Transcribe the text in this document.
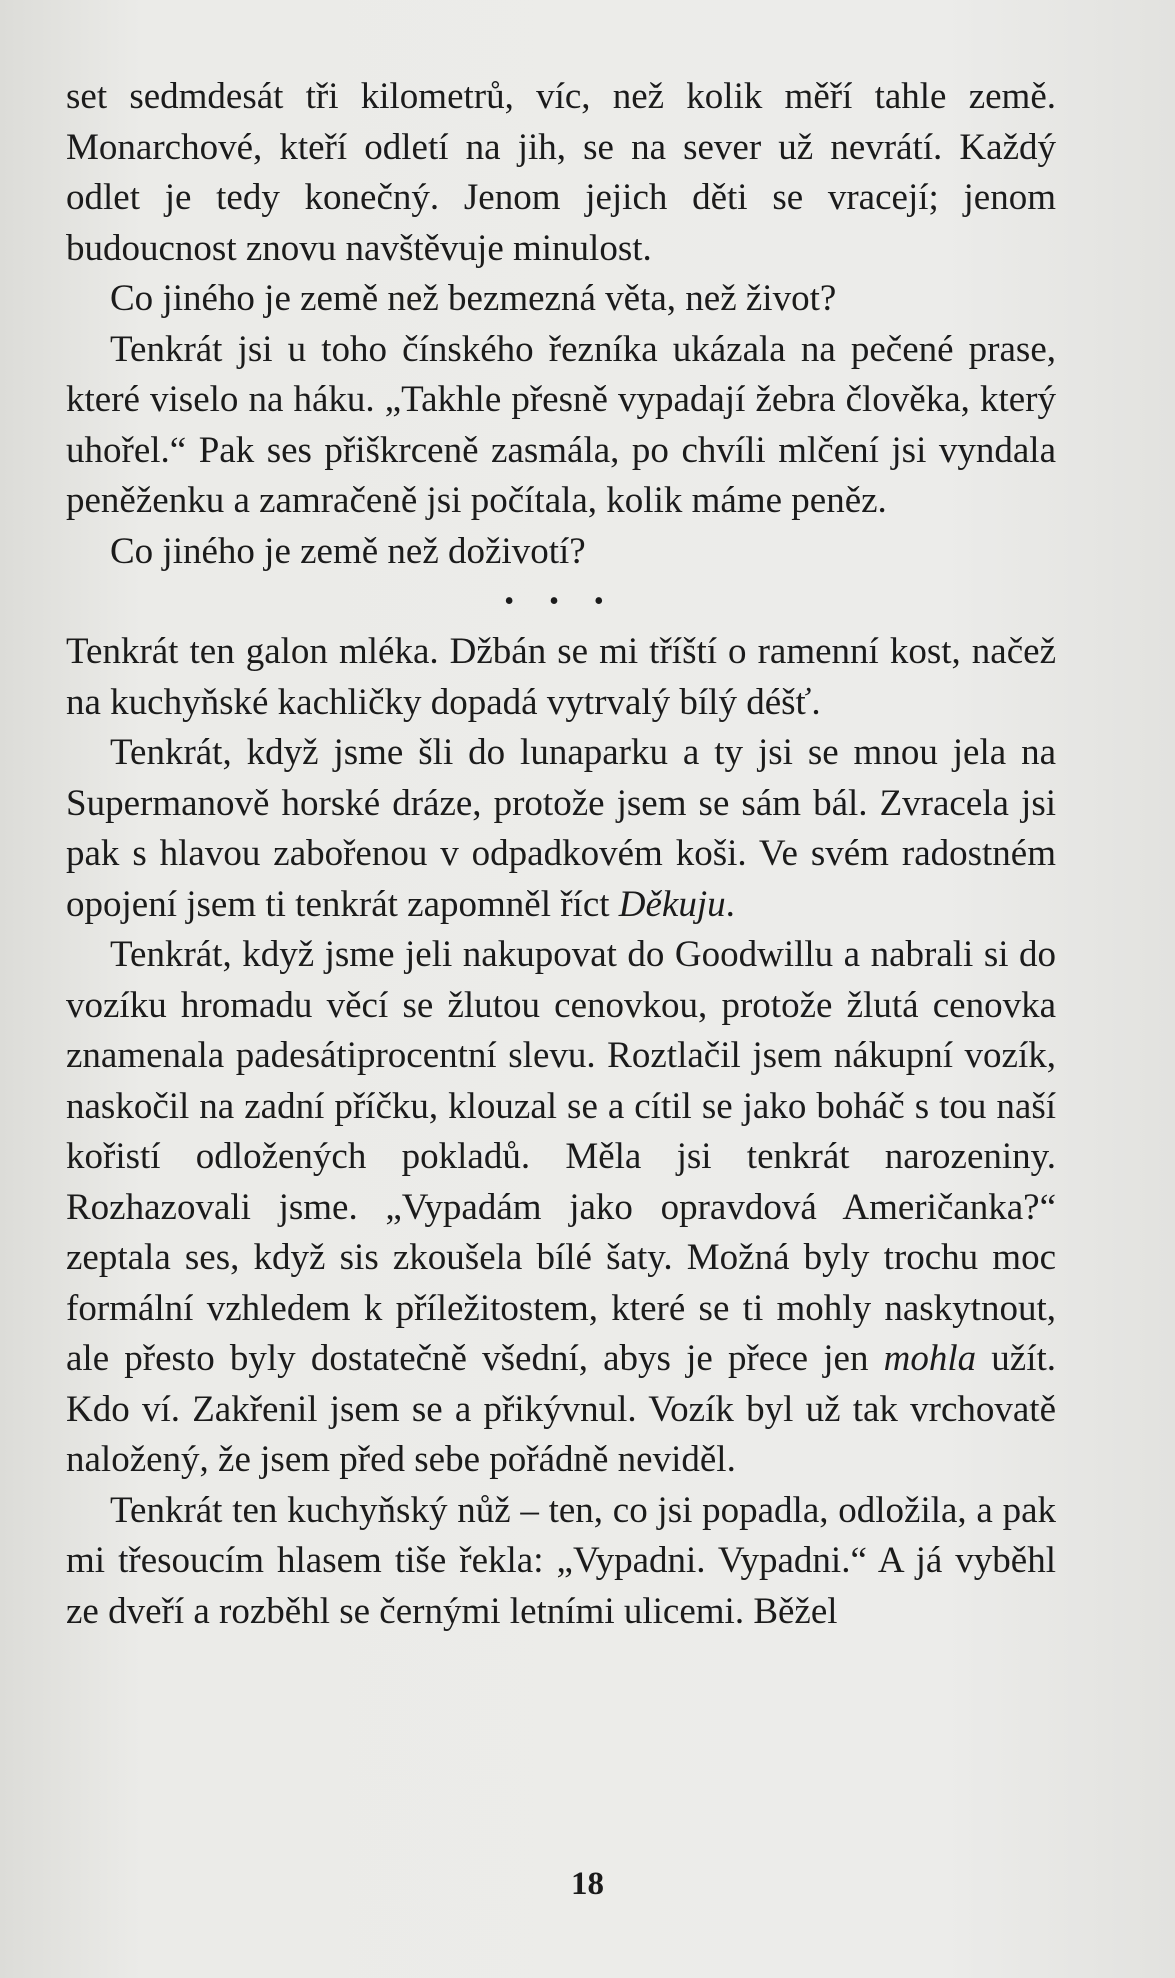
set sedmdesát tři kilometrů, víc, než kolik měří tahle země. Monarchové, kteří odletí na jih, se na sever už nevrátí. Každý odlet je tedy konečný. Jenom jejich děti se vracejí; jenom budoucnost znovu navštěvuje minulost.

Co jiného je země než bezmezná věta, než život?

Tenkrát jsi u toho čínského řezníka ukázala na pečené prase, které viselo na háku. „Takhle přesně vypadají žebra člověka, který uhořel.“ Pak ses přiškrceně zasmála, po chvíli mlčení jsi vyndala peněženku a zamračeně jsi počítala, kolik máme peněz.

Co jiného je země než doživotí?

• • •

Tenkrát ten galon mléka. Džbán se mi tříští o ramenní kost, načež na kuchyňské kachličky dopadá vytrvalý bílý déšť.

Tenkrát, když jsme šli do lunaparku a ty jsi se mnou jela na Supermanově horské dráze, protože jsem se sám bál. Zvracela jsi pak s hlavou zabořenou v odpadkovém koši. Ve svém radostném opojení jsem ti tenkrát zapomněl říct Děkuju.

Tenkrát, když jsme jeli nakupovat do Goodwillu a nabrali si do vozíku hromadu věcí se žlutou cenovkou, protože žlutá cenovka znamenala padesátiprocentní slevu. Roztlačil jsem nákupní vozík, naskočil na zadní příčku, klouzal se a cítil se jako boháč s tou naší kořistí odložených pokladů. Měla jsi tenkrát narozeniny. Rozhazovali jsme. „Vypadám jako opravdová Američanka?“ zeptala ses, když sis zkoušela bílé šaty. Možná byly trochu moc formální vzhledem k příležitostem, které se ti mohly naskytnout, ale přesto byly dostatečně všední, abys je přece jen mohla užít. Kdo ví. Zakřenil jsem se a přikývnul. Vozík byl už tak vrchovatě naložený, že jsem před sebe pořádně neviděl.

Tenkrát ten kuchyňský nůž – ten, co jsi popadla, odložila, a pak mi třesoucím hlasem tiše řekla: „Vypadni. Vypadni.“ A já vyběhl ze dveří a rozběhl se černými letními ulicemi. Běžel

18
